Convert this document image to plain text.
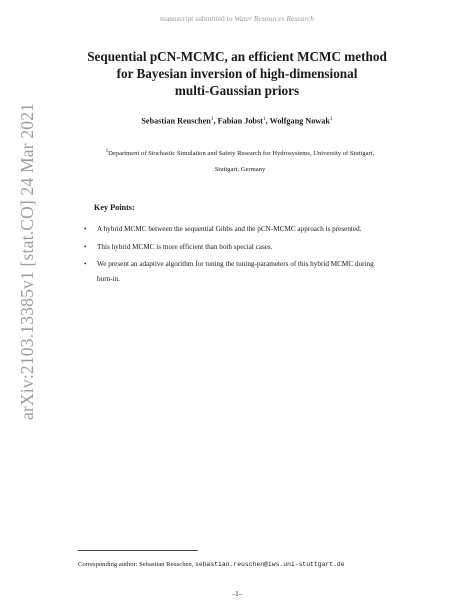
manuscript submitted to Water Resources Research
Sequential pCN-MCMC, an efficient MCMC method
for Bayesian inversion of high-dimensional
multi-Gaussian priors
Sebastian Reuschen$^1$, Fabian Jobst$^1$, Wolfgang Nowak$^1$
$^1$Department of Stochastic Simulation and Safety Research for Hydrosystems, University of Stuttgart,
Stuttgart, Germany
arXiv:2103.13385v1 [stat.CO] 24 Mar 2021	Key Points:
• A hybrid MCMC between the sequential Gibbs and the pCN-MCMC approach is presented.
• This hybrid MCMC is more efficient than both special cases.
• We present an adaptive algorithm for tuning the tuning-parameters of this hybrid MCMC during burn-in.
Corresponding author: Sebastian Reuschen, sebastian.reuschen@iws.uni-stuttgart.de
–1–
